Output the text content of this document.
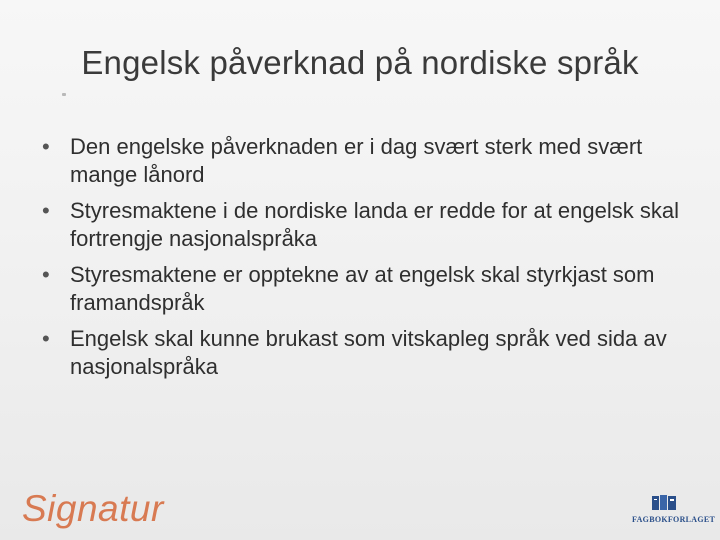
Engelsk påverknad på nordiske språk
• Den engelske påverknaden er i dag svært sterk med svært mange lånord
• Styresmaktene i de nordiske landa er redde for at engelsk skal fortrengje nasjonalspråka
• Styresmaktene er opptekne av at engelsk skal styrkjast som framandspråk
• Engelsk skal kunne brukast som vitskapleg språk ved sida av nasjonalspråka
Signatur	FAGBOKFORLAGET
